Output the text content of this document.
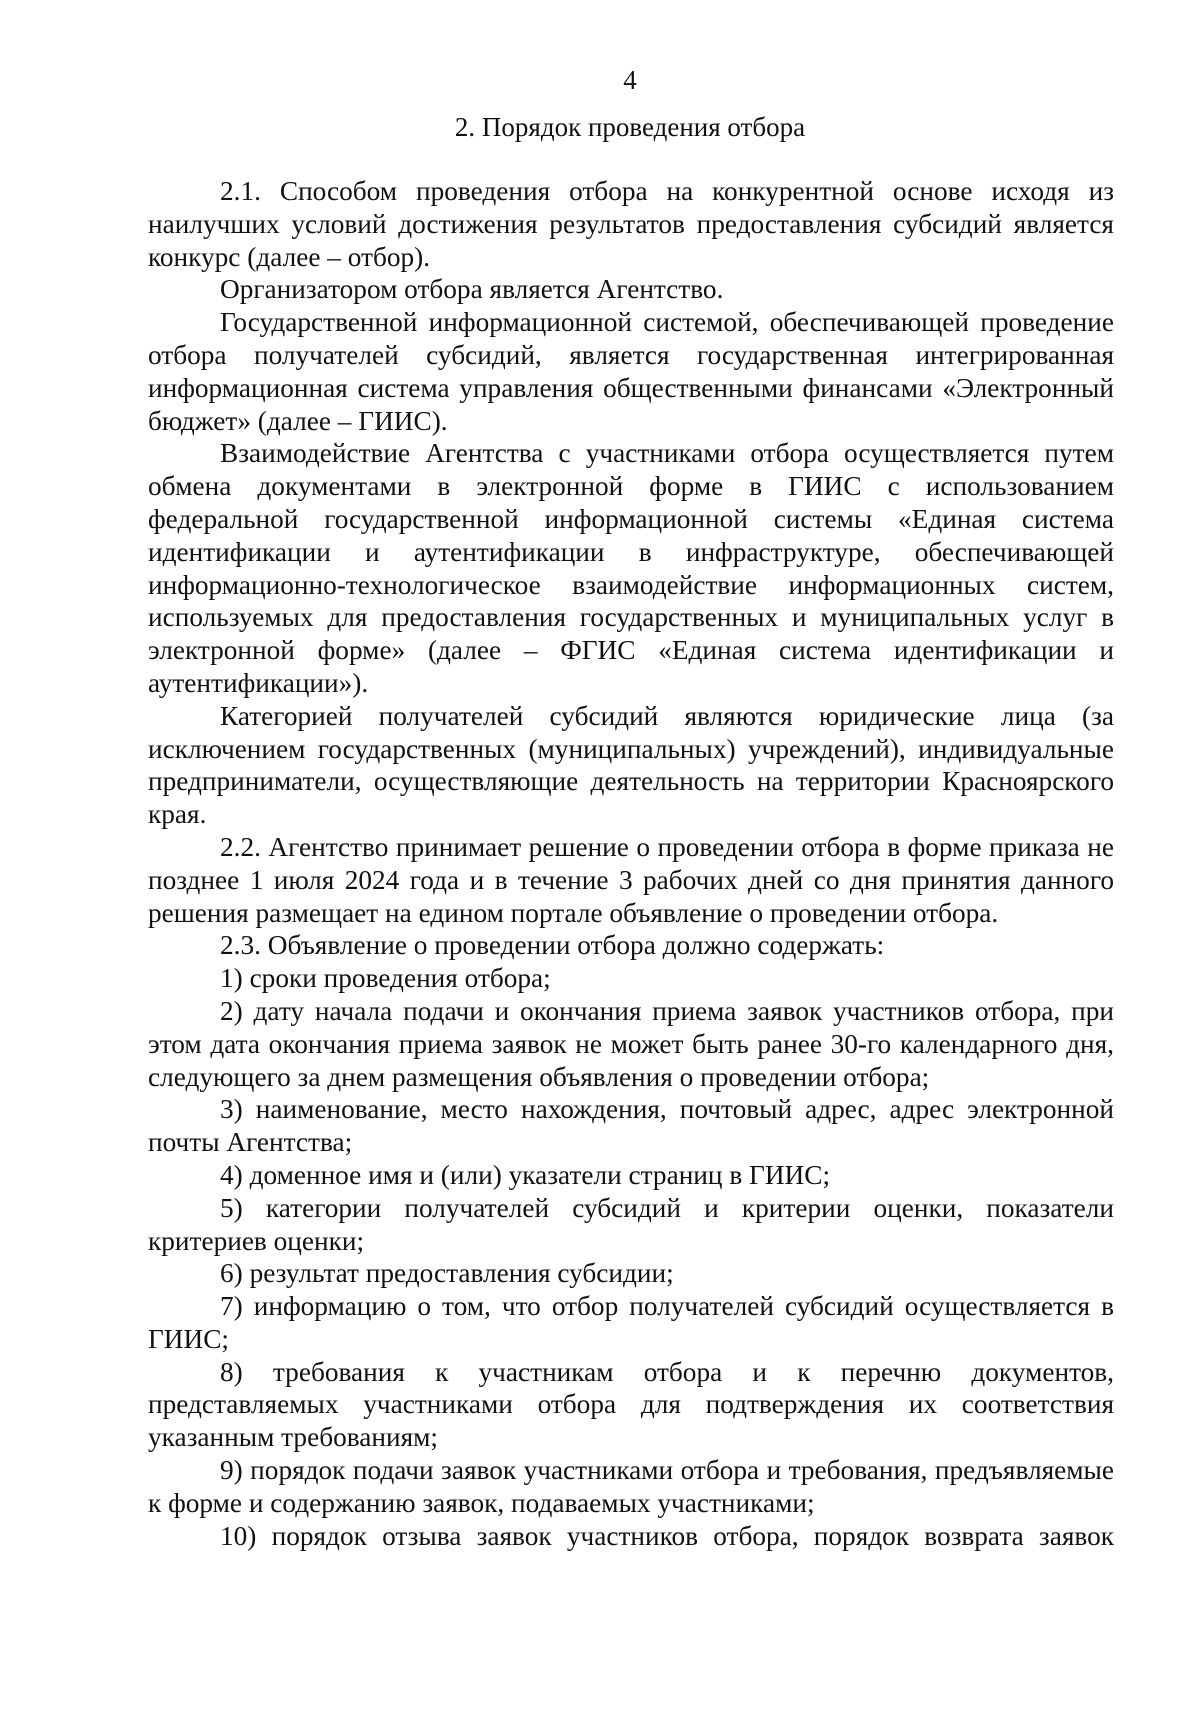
4
2. Порядок проведения отбора

2.1. Способом проведения отбора на конкурентной основе исходя из наилучших условий достижения результатов предоставления субсидий является конкурс (далее – отбор).

Организатором отбора является Агентство.

Государственной информационной системой, обеспечивающей проведение отбора получателей субсидий, является государственная интегрированная информационная система управления общественными финансами «Электронный бюджет» (далее – ГИИС).

Взаимодействие Агентства с участниками отбора осуществляется путем обмена документами в электронной форме в ГИИС с использованием федеральной государственной информационной системы «Единая система идентификации и аутентификации в инфраструктуре, обеспечивающей информационно-технологическое взаимодействие информационных систем, используемых для предоставления государственных и муниципальных услуг в электронной форме» (далее – ФГИС «Единая система идентификации и аутентификации»).

Категорией получателей субсидий являются юридические лица (за исключением государственных (муниципальных) учреждений), индивидуальные предприниматели, осуществляющие деятельность на территории Красноярского края.

2.2. Агентство принимает решение о проведении отбора в форме приказа не позднее 1 июля 2024 года и в течение 3 рабочих дней со дня принятия данного решения размещает на едином портале объявление о проведении отбора.

2.3. Объявление о проведении отбора должно содержать:

1) сроки проведения отбора;

2) дату начала подачи и окончания приема заявок участников отбора, при этом дата окончания приема заявок не может быть ранее 30-го календарного дня, следующего за днем размещения объявления о проведении отбора;

3) наименование, место нахождения, почтовый адрес, адрес электронной почты Агентства;

4) доменное имя и (или) указатели страниц в ГИИС;

5) категории получателей субсидий и критерии оценки, показатели критериев оценки;

6) результат предоставления субсидии;

7) информацию о том, что отбор получателей субсидий осуществляется в ГИИС;

8) требования к участникам отбора и к перечню документов, представляемых участниками отбора для подтверждения их соответствия указанным требованиям;

9) порядок подачи заявок участниками отбора и требования, предъявляемые к форме и содержанию заявок, подаваемых участниками;

10) порядок отзыва заявок участников отбора, порядок возврата заявок
